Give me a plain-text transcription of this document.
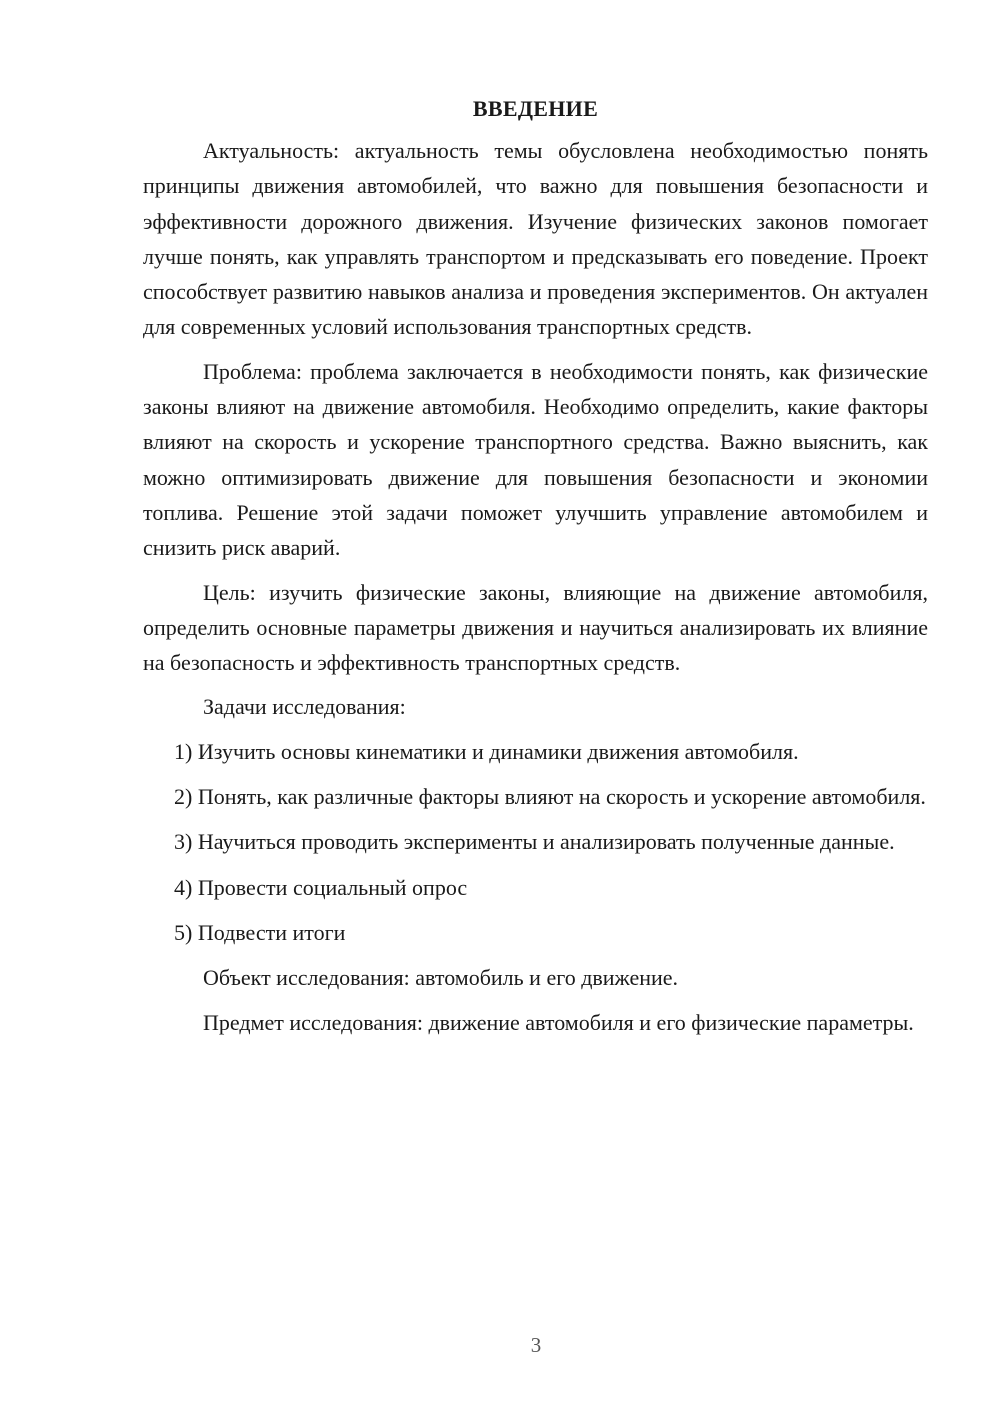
ВВЕДЕНИЕ

Актуальность: актуальность темы обусловлена необходимостью понять принципы движения автомобилей, что важно для повышения безопасности и эффективности дорожного движения. Изучение физических законов помогает лучше понять, как управлять транспортом и предсказывать его поведение. Проект способствует развитию навыков анализа и проведения экспериментов. Он актуален для современных условий использования транспортных средств.

Проблема: проблема заключается в необходимости понять, как физические законы влияют на движение автомобиля. Необходимо определить, какие факторы влияют на скорость и ускорение транспортного средства. Важно выяснить, как можно оптимизировать движение для повышения безопасности и экономии топлива. Решение этой задачи поможет улучшить управление автомобилем и снизить риск аварий.

Цель: изучить физические законы, влияющие на движение автомобиля, определить основные параметры движения и научиться анализировать их влияние на безопасность и эффективность транспортных средств.

Задачи исследования:

1) Изучить основы кинематики и динамики движения автомобиля.

2) Понять, как различные факторы влияют на скорость и ускорение автомобиля.

3) Научиться проводить эксперименты и анализировать полученные данные.

4) Провести социальный опрос

5) Подвести итоги

Объект исследования: автомобиль и его движение.

Предмет исследования: движение автомобиля и его физические параметры.

3
